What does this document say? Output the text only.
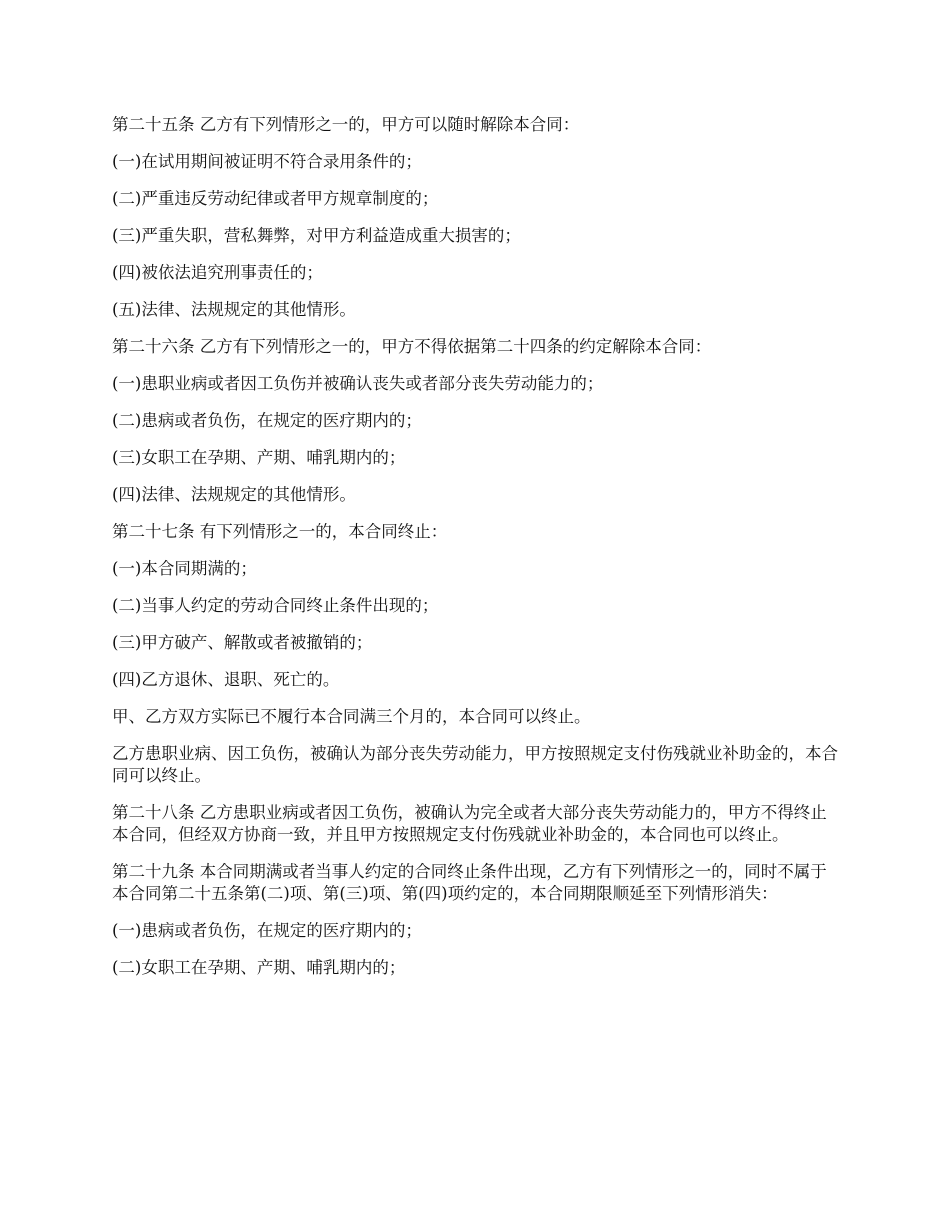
第二十五条 乙方有下列情形之一的，甲方可以随时解除本合同：

(一)在试用期间被证明不符合录用条件的；

(二)严重违反劳动纪律或者甲方规章制度的；

(三)严重失职，营私舞弊，对甲方利益造成重大损害的；

(四)被依法追究刑事责任的；

(五)法律、法规规定的其他情形。

第二十六条 乙方有下列情形之一的，甲方不得依据第二十四条的约定解除本合同：

(一)患职业病或者因工负伤并被确认丧失或者部分丧失劳动能力的；

(二)患病或者负伤，在规定的医疗期内的；

(三)女职工在孕期、产期、哺乳期内的；

(四)法律、法规规定的其他情形。

第二十七条 有下列情形之一的，本合同终止：

(一)本合同期满的；

(二)当事人约定的劳动合同终止条件出现的；

(三)甲方破产、解散或者被撤销的；

(四)乙方退休、退职、死亡的。

甲、乙方双方实际已不履行本合同满三个月的，本合同可以终止。

乙方患职业病、因工负伤，被确认为部分丧失劳动能力，甲方按照规定支付伤残就业补助金的，本合同可以终止。

第二十八条 乙方患职业病或者因工负伤，被确认为完全或者大部分丧失劳动能力的，甲方不得终止本合同，但经双方协商一致，并且甲方按照规定支付伤残就业补助金的，本合同也可以终止。

第二十九条 本合同期满或者当事人约定的合同终止条件出现，乙方有下列情形之一的，同时不属于本合同第二十五条第(二)项、第(三)项、第(四)项约定的，本合同期限顺延至下列情形消失：

(一)患病或者负伤，在规定的医疗期内的；

(二)女职工在孕期、产期、哺乳期内的；
